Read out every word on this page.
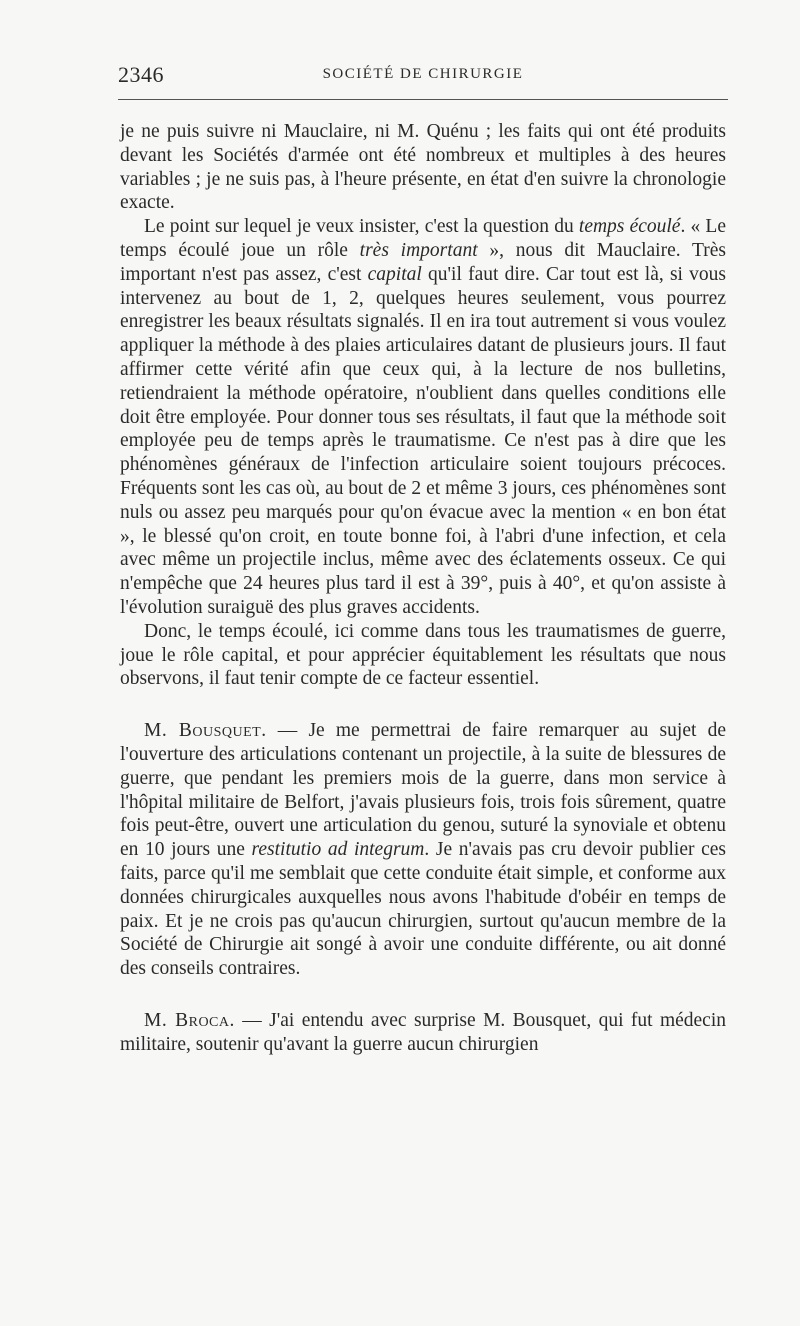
2346	SOCIÉTÉ DE CHIRURGIE

je ne puis suivre ni Mauclaire, ni M. Quénu ; les faits qui ont été produits devant les Sociétés d'armée ont été nombreux et multiples à des heures variables ; je ne suis pas, à l'heure présente, en état d'en suivre la chronologie exacte.

Le point sur lequel je veux insister, c'est la question du temps écoulé. « Le temps écoulé joue un rôle très important », nous dit Mauclaire. Très important n'est pas assez, c'est capital qu'il faut dire. Car tout est là, si vous intervenez au bout de 1, 2, quelques heures seulement, vous pourrez enregistrer les beaux résultats signalés. Il en ira tout autrement si vous voulez appliquer la méthode à des plaies articulaires datant de plusieurs jours. Il faut affirmer cette vérité afin que ceux qui, à la lecture de nos bulletins, retiendraient la méthode opératoire, n'oublient dans quelles conditions elle doit être employée. Pour donner tous ses résultats, il faut que la méthode soit employée peu de temps après le traumatisme. Ce n'est pas à dire que les phénomènes généraux de l'infection articulaire soient toujours précoces. Fréquents sont les cas où, au bout de 2 et même 3 jours, ces phénomènes sont nuls ou assez peu marqués pour qu'on évacue avec la mention « en bon état », le blessé qu'on croit, en toute bonne foi, à l'abri d'une infection, et cela avec même un projectile inclus, même avec des éclatements osseux. Ce qui n'empêche que 24 heures plus tard il est à 39°, puis à 40°, et qu'on assiste à l'évolution suraiguë des plus graves accidents.

Donc, le temps écoulé, ici comme dans tous les traumatismes de guerre, joue le rôle capital, et pour apprécier équitablement les résultats que nous observons, il faut tenir compte de ce facteur essentiel.

M. Bousquet. — Je me permettrai de faire remarquer au sujet de l'ouverture des articulations contenant un projectile, à la suite de blessures de guerre, que pendant les premiers mois de la guerre, dans mon service à l'hôpital militaire de Belfort, j'avais plusieurs fois, trois fois sûrement, quatre fois peut-être, ouvert une articulation du genou, suturé la synoviale et obtenu en 10 jours une restitutio ad integrum. Je n'avais pas cru devoir publier ces faits, parce qu'il me semblait que cette conduite était simple, et conforme aux données chirurgicales auxquelles nous avons l'habitude d'obéir en temps de paix. Et je ne crois pas qu'aucun chirurgien, surtout qu'aucun membre de la Société de Chirurgie ait songé à avoir une conduite différente, ou ait donné des conseils contraires.

M. Broca. — J'ai entendu avec surprise M. Bousquet, qui fut médecin militaire, soutenir qu'avant la guerre aucun chirurgien
